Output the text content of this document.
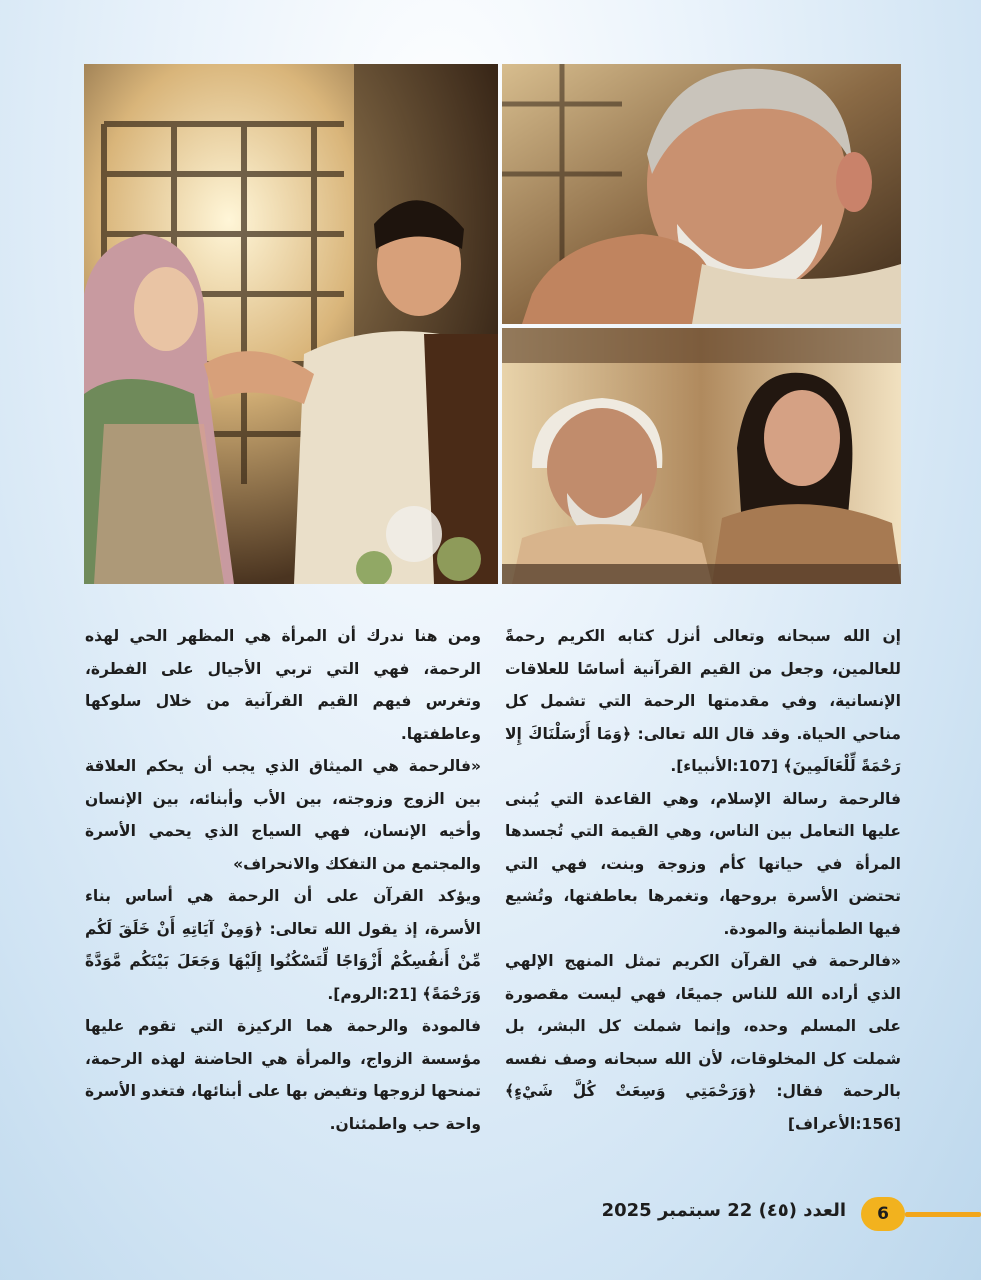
إن الله سبحانه وتعالى أنزل كتابه الكريم رحمةً للعالمين، وجعل من القيم القرآنية أساسًا للعلاقات الإنسانية، وفي مقدمتها الرحمة التي تشمل كل مناحي الحياة. وقد قال الله تعالى: ﴿وَمَا أَرْسَلْنَاكَ إِلا رَحْمَةً لِّلْعَالَمِينَ﴾ [107:الأنبياء].

فالرحمة رسالة الإسلام، وهي القاعدة التي يُبنى عليها التعامل بين الناس، وهي القيمة التي تُجسدها المرأة في حياتها كأم وزوجة وبنت، فهي التي تحتضن الأسرة بروحها، وتغمرها بعاطفتها، وتُشيع فيها الطمأنينة والمودة.

«فالرحمة في القرآن الكريم تمثل المنهج الإلهي الذي أراده الله للناس جميعًا، فهي ليست مقصورة على المسلم وحده، وإنما شملت كل البشر، بل شملت كل المخلوقات، لأن الله سبحانه وصف نفسه بالرحمة فقال: ﴿وَرَحْمَتِي وَسِعَتْ كُلَّ شَيْءٍ﴾ [156:الأعراف]

ومن هنا ندرك أن المرأة هي المظهر الحي لهذه الرحمة، فهي التي تربي الأجيال على الفطرة، وتغرس فيهم القيم القرآنية من خلال سلوكها وعاطفتها.

«فالرحمة هي الميثاق الذي يجب أن يحكم العلاقة بين الزوج وزوجته، بين الأب وأبنائه، بين الإنسان وأخيه الإنسان، فهي السياج الذي يحمي الأسرة والمجتمع من التفكك والانحراف»

ويؤكد القرآن على أن الرحمة هي أساس بناء الأسرة، إذ يقول الله تعالى: ﴿وَمِنْ آيَاتِهِ أَنْ خَلَقَ لَكُم مِّنْ أَنفُسِكُمْ أَزْوَاجًا لِّتَسْكُنُوا إِلَيْهَا وَجَعَلَ بَيْنَكُم مَّوَدَّةً وَرَحْمَةً﴾ [21:الروم].

فالمودة والرحمة هما الركيزة التي تقوم عليها مؤسسة الزواج، والمرأة هي الحاضنة لهذه الرحمة، تمنحها لزوجها وتفيض بها على أبنائها، فتغدو الأسرة واحة حب واطمئنان.

6
العدد (٤٥) 22 سبتمبر 2025
